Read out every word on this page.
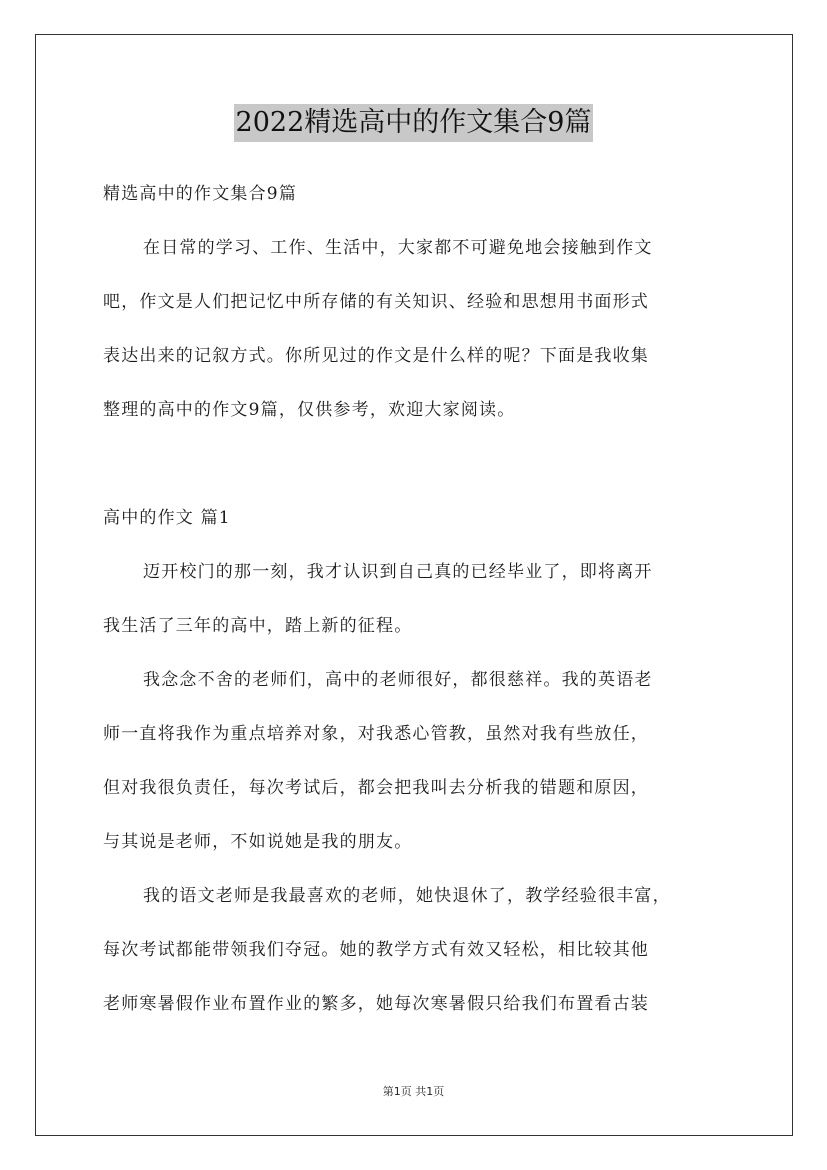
2022精选高中的作文集合9篇
精选高中的作文集合9篇
在日常的学习、工作、生活中，大家都不可避免地会接触到作文
吧，作文是人们把记忆中所存储的有关知识、经验和思想用书面形式
表达出来的记叙方式。你所见过的作文是什么样的呢？下面是我收集
整理的高中的作文9篇，仅供参考，欢迎大家阅读。
高中的作文 篇1
迈开校门的那一刻，我才认识到自己真的已经毕业了，即将离开
我生活了三年的高中，踏上新的征程。
我念念不舍的老师们，高中的老师很好，都很慈祥。我的英语老
师一直将我作为重点培养对象，对我悉心管教，虽然对我有些放任，
但对我很负责任，每次考试后，都会把我叫去分析我的错题和原因，
与其说是老师，不如说她是我的朋友。
我的语文老师是我最喜欢的老师，她快退休了，教学经验很丰富，
每次考试都能带领我们夺冠。她的教学方式有效又轻松，相比较其他
老师寒暑假作业布置作业的繁多，她每次寒暑假只给我们布置看古装
第1页 共1页
